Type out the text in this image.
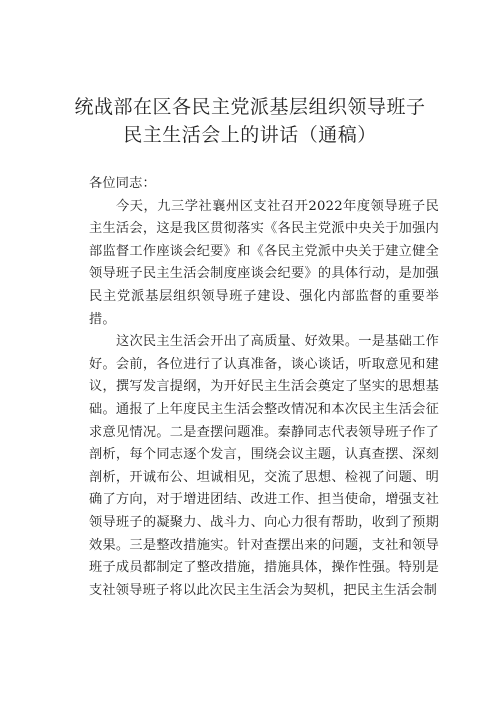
统战部在区各民主党派基层组织领导班子
民主生活会上的讲话（通稿）

各位同志：

今天，九三学社襄州区支社召开2022年度领导班子民主生活会，这是我区贯彻落实《各民主党派中央关于加强内部监督工作座谈会纪要》和《各民主党派中央关于建立健全领导班子民主生活会制度座谈会纪要》的具体行动，是加强民主党派基层组织领导班子建设、强化内部监督的重要举措。

这次民主生活会开出了高质量、好效果。一是基础工作好。会前，各位进行了认真准备，谈心谈话，听取意见和建议，撰写发言提纲，为开好民主生活会奠定了坚实的思想基础。通报了上年度民主生活会整改情况和本次民主生活会征求意见情况。二是查摆问题准。秦静同志代表领导班子作了剖析，每个同志逐个发言，围绕会议主题，认真查摆、深刻剖析，开诚布公、坦诚相见，交流了思想、检视了问题、明确了方向，对于增进团结、改进工作、担当使命，增强支社领导班子的凝聚力、战斗力、向心力很有帮助，收到了预期效果。三是整改措施实。针对查摆出来的问题，支社和领导班子成员都制定了整改措施，措施具体，操作性强。特别是支社领导班子将以此次民主生活会为契机，把民主生活会制
